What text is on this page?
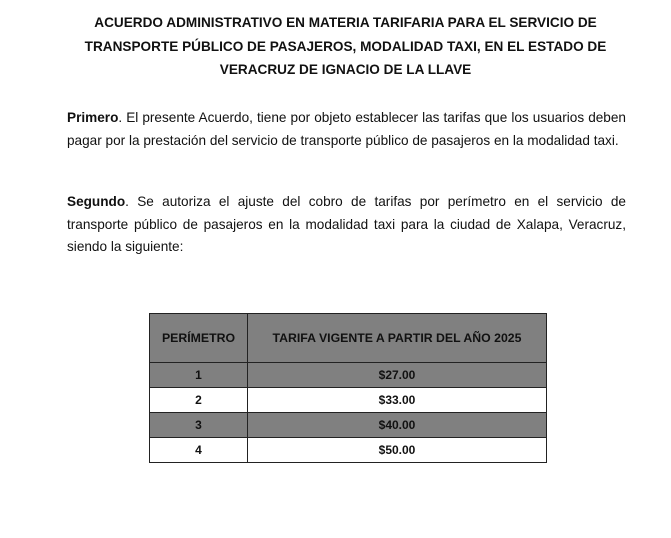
ACUERDO ADMINISTRATIVO EN MATERIA TARIFARIA PARA EL SERVICIO DE
TRANSPORTE PÚBLICO DE PASAJEROS, MODALIDAD TAXI, EN EL ESTADO DE
VERACRUZ DE IGNACIO DE LA LLAVE

Primero. El presente Acuerdo, tiene por objeto establecer las tarifas que los usuarios deben pagar por la prestación del servicio de transporte público de pasajeros en la modalidad taxi.

Segundo. Se autoriza el ajuste del cobro de tarifas por perímetro en el servicio de transporte público de pasajeros en la modalidad taxi para la ciudad de Xalapa, Veracruz, siendo la siguiente:

PERÍMETRO	TARIFA VIGENTE A PARTIR DEL AÑO 2025
1	$27.00
2	$33.00
3	$40.00
4	$50.00
